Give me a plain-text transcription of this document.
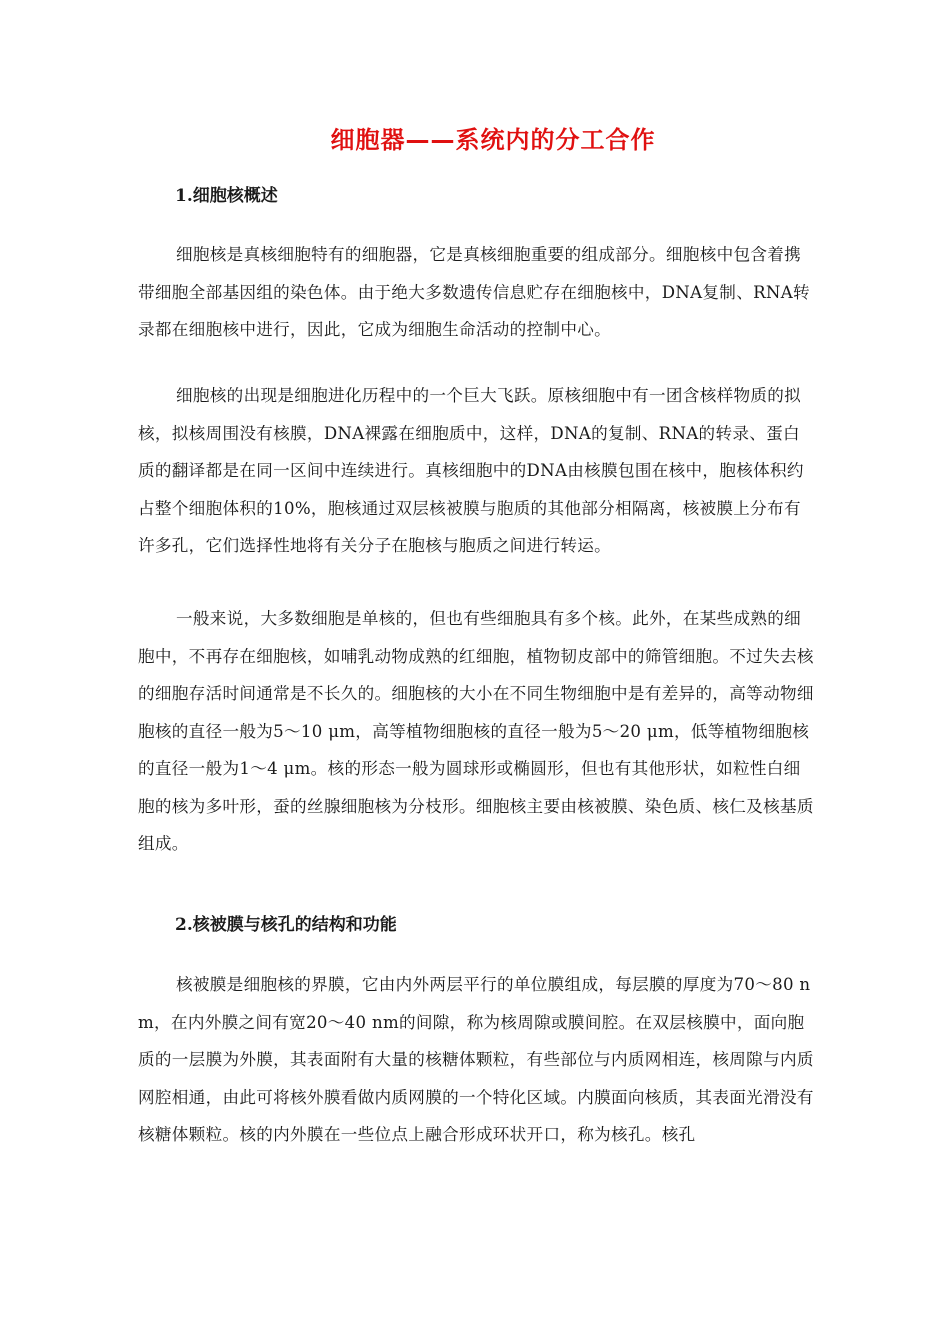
细胞器——系统内的分工合作
1.细胞核概述

细胞核是真核细胞特有的细胞器，它是真核细胞重要的组成部分。细胞核中包含着携带细胞全部基因组的染色体。由于绝大多数遗传信息贮存在细胞核中，DNA复制、RNA转录都在细胞核中进行，因此，它成为细胞生命活动的控制中心。

细胞核的出现是细胞进化历程中的一个巨大飞跃。原核细胞中有一团含核样物质的拟核，拟核周围没有核膜，DNA裸露在细胞质中，这样，DNA的复制、RNA的转录、蛋白质的翻译都是在同一区间中连续进行。真核细胞中的DNA由核膜包围在核中，胞核体积约占整个细胞体积的10%，胞核通过双层核被膜与胞质的其他部分相隔离，核被膜上分布有许多孔，它们选择性地将有关分子在胞核与胞质之间进行转运。

一般来说，大多数细胞是单核的，但也有些细胞具有多个核。此外，在某些成熟的细胞中，不再存在细胞核，如哺乳动物成熟的红细胞，植物韧皮部中的筛管细胞。不过失去核的细胞存活时间通常是不长久的。细胞核的大小在不同生物细胞中是有差异的，高等动物细胞核的直径一般为5～10 μm，高等植物细胞核的直径一般为5～20 μm，低等植物细胞核的直径一般为1～4 μm。核的形态一般为圆球形或椭圆形，但也有其他形状，如粒性白细胞的核为多叶形，蚕的丝腺细胞核为分枝形。细胞核主要由核被膜、染色质、核仁及核基质组成。

2.核被膜与核孔的结构和功能

核被膜是细胞核的界膜，它由内外两层平行的单位膜组成，每层膜的厚度为70～80 nm，在内外膜之间有宽20～40 nm的间隙，称为核周隙或膜间腔。在双层核膜中，面向胞质的一层膜为外膜，其表面附有大量的核糖体颗粒，有些部位与内质网相连，核周隙与内质网腔相通，由此可将核外膜看做内质网膜的一个特化区域。内膜面向核质，其表面光滑没有核糖体颗粒。核的内外膜在一些位点上融合形成环状开口，称为核孔。核孔
